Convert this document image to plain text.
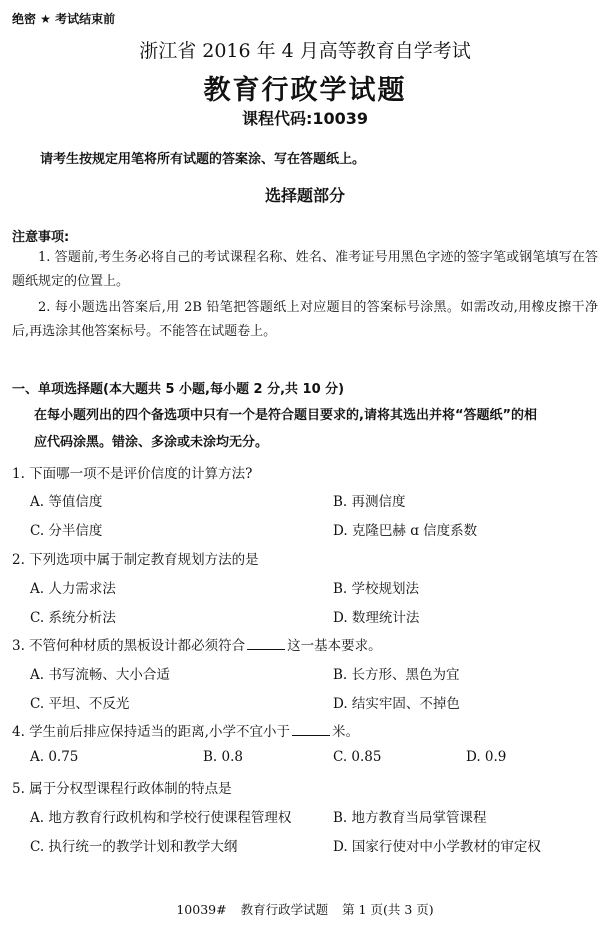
绝密 ★ 考试结束前
浙江省 2016 年 4 月高等教育自学考试
教育行政学试题
课程代码:10039
请考生按规定用笔将所有试题的答案涂、写在答题纸上。
选择题部分
注意事项:
1. 答题前,考生务必将自己的考试课程名称、姓名、准考证号用黑色字迹的签字笔或钢笔填写在答题纸规定的位置上。
2. 每小题选出答案后,用 2B 铅笔把答题纸上对应题目的答案标号涂黑。如需改动,用橡皮擦干净后,再选涂其他答案标号。不能答在试题卷上。
一、单项选择题(本大题共 5 小题,每小题 2 分,共 10 分)
在每小题列出的四个备选项中只有一个是符合题目要求的,请将其选出并将“答题纸”的相
应代码涂黑。错涂、多涂或未涂均无分。
1. 下面哪一项不是评价信度的计算方法?
A. 等值信度	B. 再测信度
C. 分半信度	D. 克隆巴赫 ɑ 信度系数
2. 下列选项中属于制定教育规划方法的是
A. 人力需求法	B. 学校规划法
C. 系统分析法	D. 数理统计法
3. 不管何种材质的黑板设计都必须符合	这一基本要求。
A. 书写流畅、大小合适	B. 长方形、黑色为宜
C. 平坦、不反光	D. 结实牢固、不掉色
4. 学生前后排应保持适当的距离,小学不宜小于	米。
A. 0.75	B. 0.8	C. 0.85	D. 0.9
5. 属于分权型课程行政体制的特点是
A. 地方教育行政机构和学校行使课程管理权	B. 地方教育当局掌管课程
C. 执行统一的教学计划和教学大纲	D. 国家行使对中小学教材的审定权
10039# 教育行政学试题 第 1 页(共 3 页)
